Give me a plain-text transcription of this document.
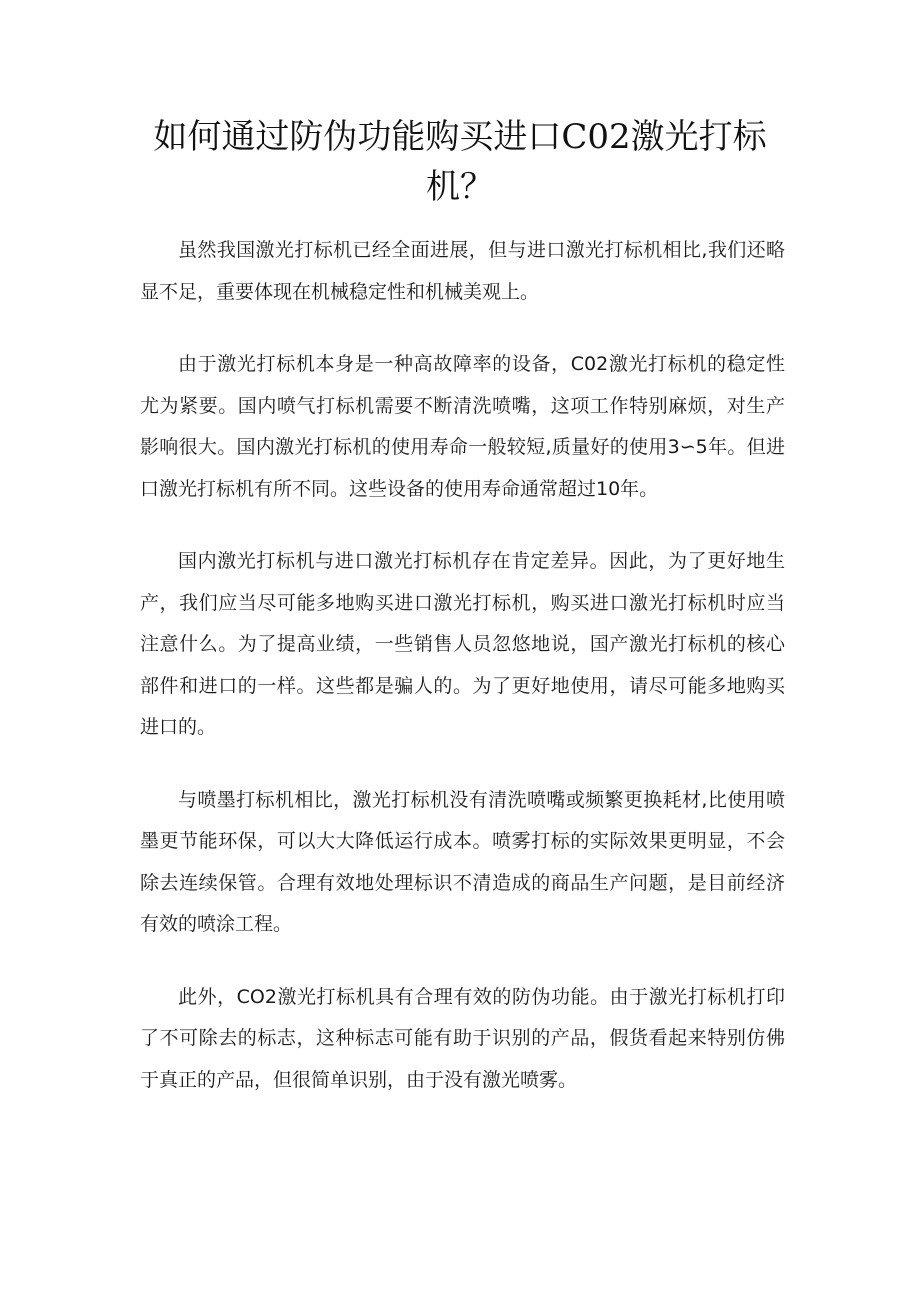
如何通过防伪功能购买进口C02激光打标机？

虽然我国激光打标机已经全面进展，但与进口激光打标机相比,我们还略显不足，重要体现在机械稳定性和机械美观上。

由于激光打标机本身是一种高故障率的设备，C02激光打标机的稳定性尤为紧要。国内喷气打标机需要不断清洗喷嘴，这项工作特别麻烦，对生产影响很大。国内激光打标机的使用寿命一般较短,质量好的使用3∽5年。但进口激光打标机有所不同。这些设备的使用寿命通常超过10年。

国内激光打标机与进口激光打标机存在肯定差异。因此，为了更好地生产，我们应当尽可能多地购买进口激光打标机，购买进口激光打标机时应当注意什么。为了提高业绩，一些销售人员忽悠地说，国产激光打标机的核心部件和进口的一样。这些都是骗人的。为了更好地使用，请尽可能多地购买进口的。

与喷墨打标机相比，激光打标机没有清洗喷嘴或频繁更换耗材,比使用喷墨更节能环保，可以大大降低运行成本。喷雾打标的实际效果更明显，不会除去连续保管。合理有效地处理标识不清造成的商品生产问题，是目前经济有效的喷涂工程。

此外，CO2激光打标机具有合理有效的防伪功能。由于激光打标机打印了不可除去的标志，这种标志可能有助于识别的产品，假货看起来特别仿佛于真正的产品，但很简单识别，由于没有激光喷雾。
